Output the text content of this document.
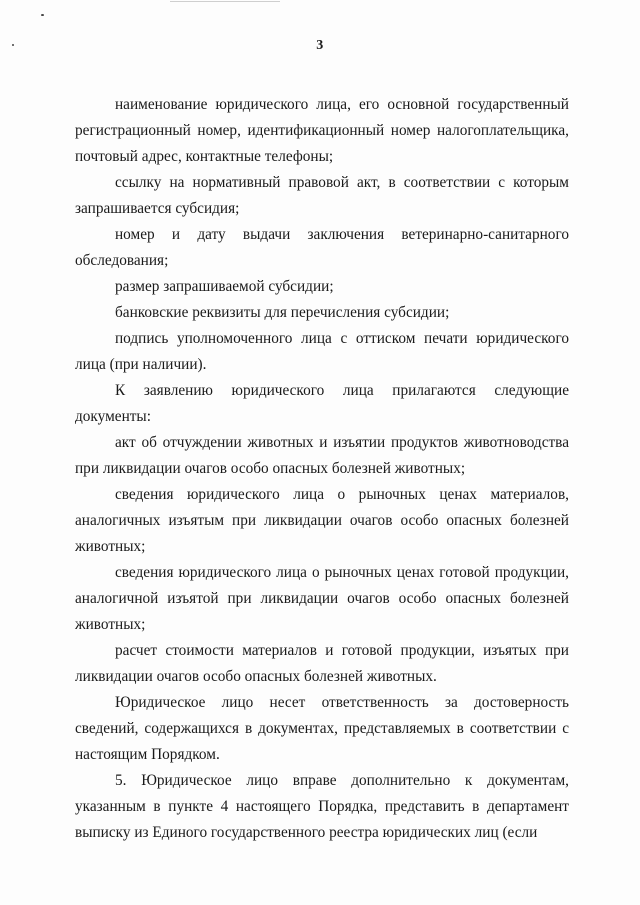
3

наименование юридического лица, его основной государственный регистрационный номер, идентификационный номер налогоплательщика, почтовый адрес, контактные телефоны;

ссылку на нормативный правовой акт, в соответствии с которым запрашивается субсидия;

номер и дату выдачи заключения ветеринарно-санитарного обследования;

размер запрашиваемой субсидии;

банковские реквизиты для перечисления субсидии;

подпись уполномоченного лица с оттиском печати юридического лица (при наличии).

К заявлению юридического лица прилагаются следующие документы:

акт об отчуждении животных и изъятии продуктов животноводства при ликвидации очагов особо опасных болезней животных;

сведения юридического лица о рыночных ценах материалов, аналогичных изъятым при ликвидации очагов особо опасных болезней животных;

сведения юридического лица о рыночных ценах готовой продукции, аналогичной изъятой при ликвидации очагов особо опасных болезней животных;

расчет стоимости материалов и готовой продукции, изъятых при ликвидации очагов особо опасных болезней животных.

Юридическое лицо несет ответственность за достоверность сведений, содержащихся в документах, представляемых в соответствии с настоящим Порядком.

5. Юридическое лицо вправе дополнительно к документам, указанным в пункте 4 настоящего Порядка, представить в департамент выписку из Единого государственного реестра юридических лиц (если
